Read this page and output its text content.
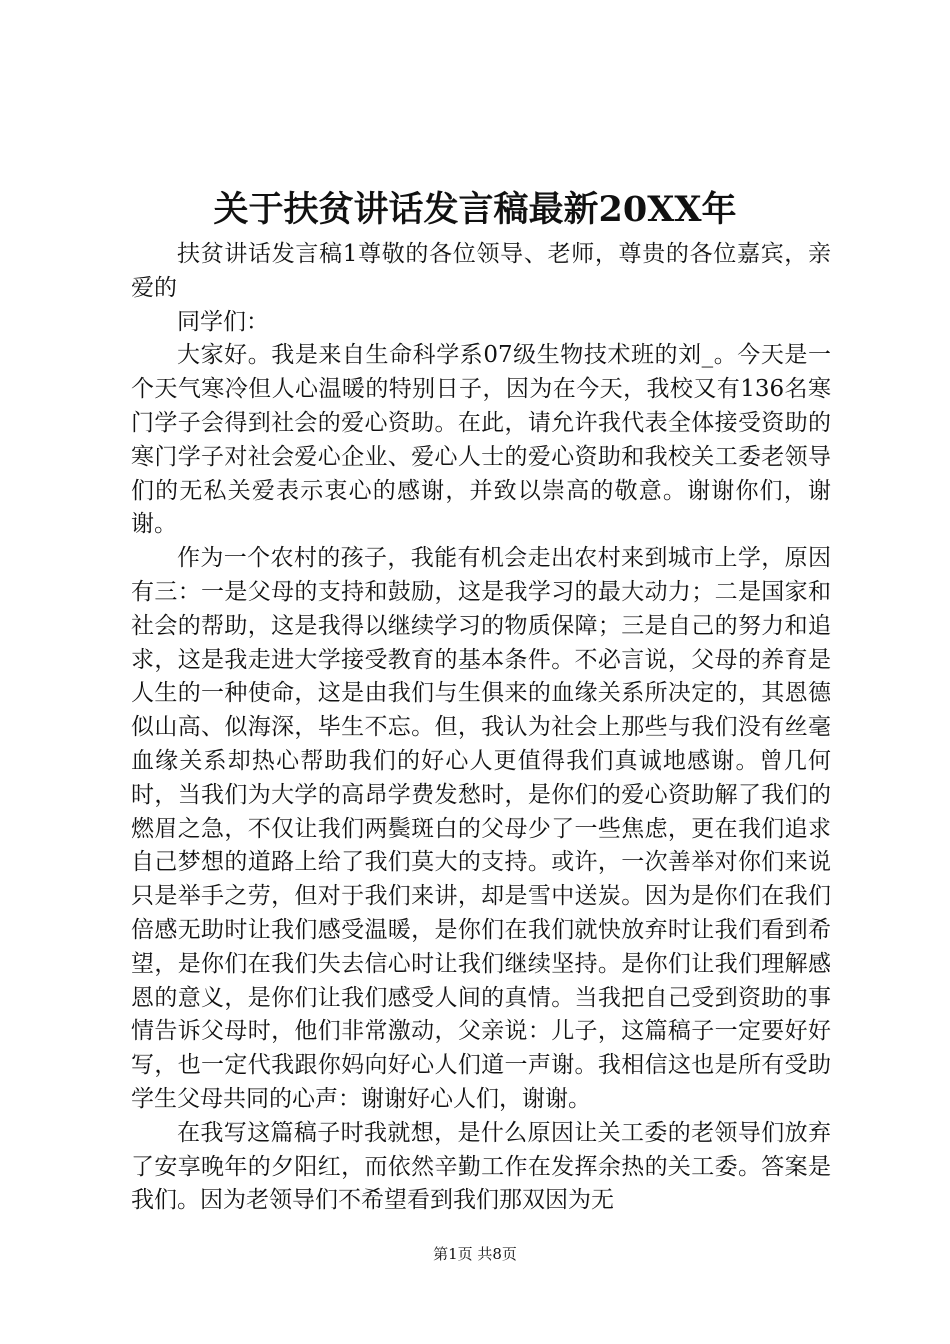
关于扶贫讲话发言稿最新20XX年

扶贫讲话发言稿1尊敬的各位领导、老师，尊贵的各位嘉宾，亲爱的

同学们：

大家好。我是来自生命科学系07级生物技术班的刘_。今天是一个天气寒冷但人心温暖的特别日子，因为在今天，我校又有136名寒门学子会得到社会的爱心资助。在此，请允许我代表全体接受资助的寒门学子对社会爱心企业、爱心人士的爱心资助和我校关工委老领导们的无私关爱表示衷心的感谢，并致以崇高的敬意。谢谢你们，谢谢。

作为一个农村的孩子，我能有机会走出农村来到城市上学，原因有三：一是父母的支持和鼓励，这是我学习的最大动力；二是国家和社会的帮助，这是我得以继续学习的物质保障；三是自己的努力和追求，这是我走进大学接受教育的基本条件。不必言说，父母的养育是人生的一种使命，这是由我们与生俱来的血缘关系所决定的，其恩德似山高、似海深，毕生不忘。但，我认为社会上那些与我们没有丝毫血缘关系却热心帮助我们的好心人更值得我们真诚地感谢。曾几何时，当我们为大学的高昂学费发愁时，是你们的爱心资助解了我们的燃眉之急，不仅让我们两鬓斑白的父母少了一些焦虑，更在我们追求自己梦想的道路上给了我们莫大的支持。或许，一次善举对你们来说只是举手之劳，但对于我们来讲，却是雪中送炭。因为是你们在我们倍感无助时让我们感受温暖，是你们在我们就快放弃时让我们看到希望，是你们在我们失去信心时让我们继续坚持。是你们让我们理解感恩的意义，是你们让我们感受人间的真情。当我把自己受到资助的事情告诉父母时，他们非常激动，父亲说：儿子，这篇稿子一定要好好写，也一定代我跟你妈向好心人们道一声谢。我相信这也是所有受助学生父母共同的心声：谢谢好心人们，谢谢。

在我写这篇稿子时我就想，是什么原因让关工委的老领导们放弃了安享晚年的夕阳红，而依然辛勤工作在发挥余热的关工委。答案是我们。因为老领导们不希望看到我们那双因为无

第1页 共8页
